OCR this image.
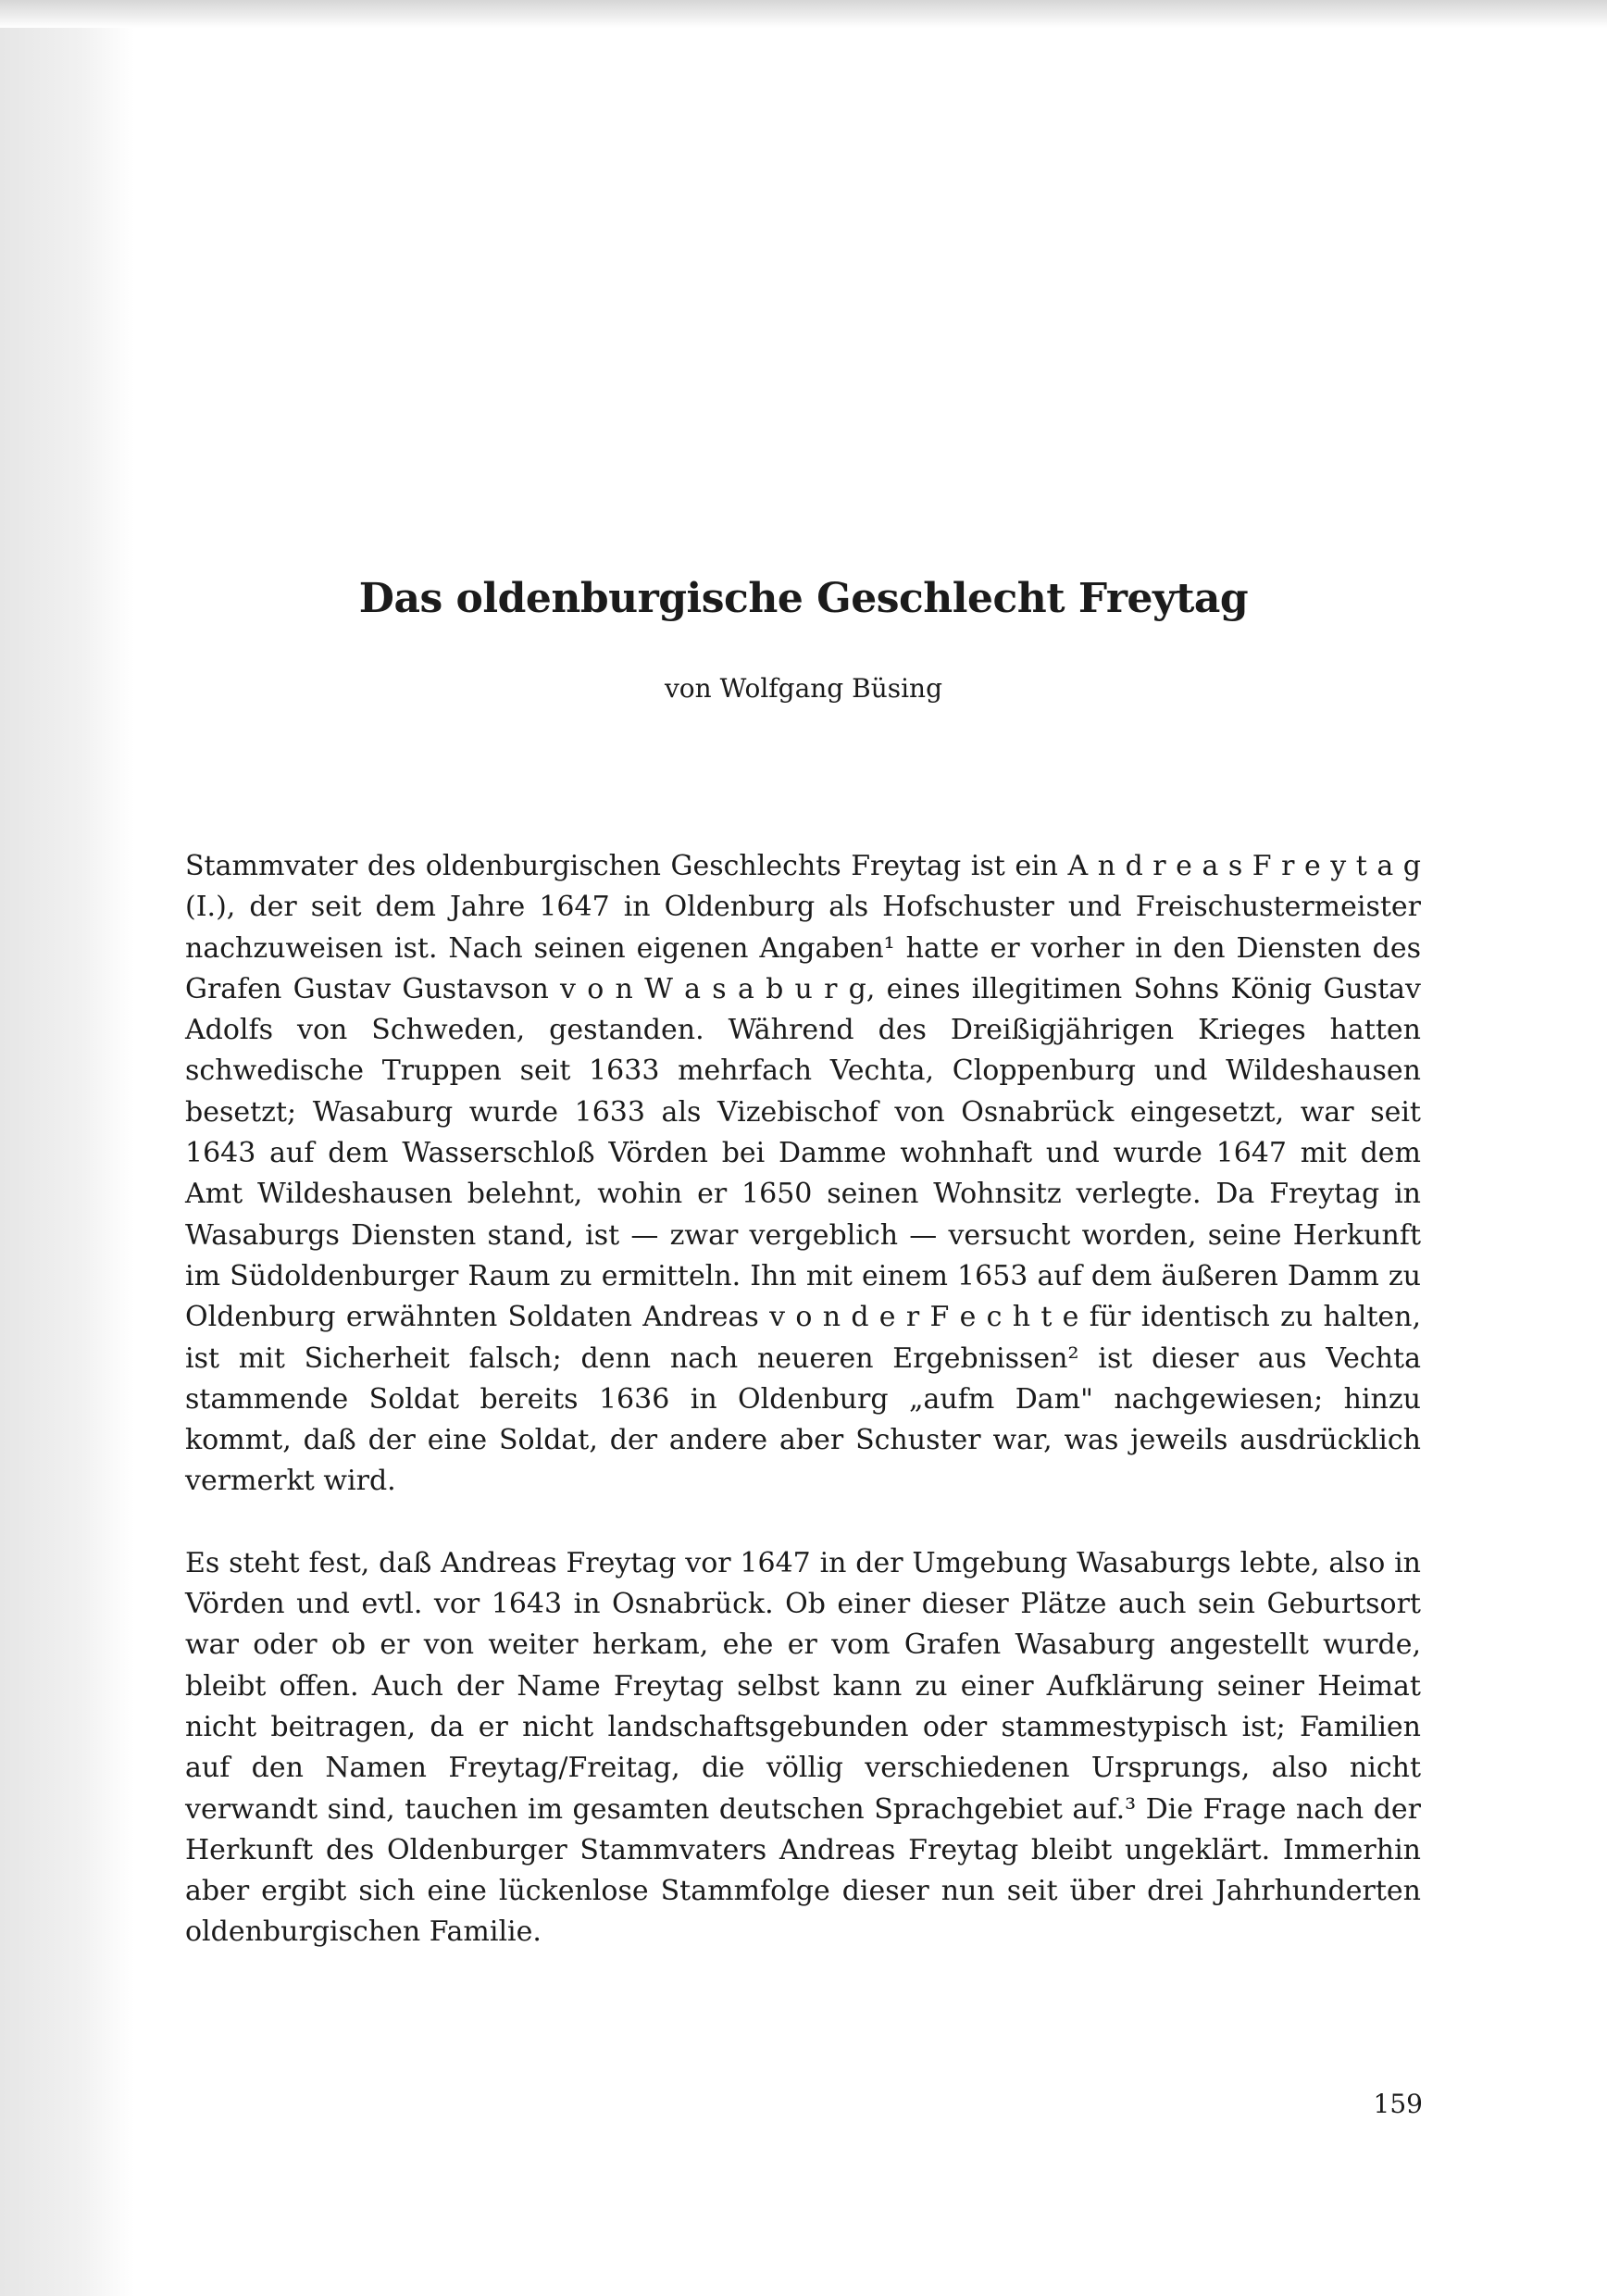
Das oldenburgische Geschlecht Freytag
von Wolfgang Büsing

Stammvater des oldenburgischen Geschlechts Freytag ist ein A n d r e a s F r e y t a g (I.), der seit dem Jahre 1647 in Oldenburg als Hofschuster und Freischustermeister nachzuweisen ist. Nach seinen eigenen Angaben¹ hatte er vorher in den Diensten des Grafen Gustav Gustavson v o n W a s a b u r g, eines illegitimen Sohns König Gustav Adolfs von Schweden, gestanden. Während des Dreißigjährigen Krieges hatten schwedische Truppen seit 1633 mehrfach Vechta, Cloppenburg und Wildeshausen besetzt; Wasaburg wurde 1633 als Vizebischof von Osnabrück eingesetzt, war seit 1643 auf dem Wasserschloß Vörden bei Damme wohnhaft und wurde 1647 mit dem Amt Wildeshausen belehnt, wohin er 1650 seinen Wohnsitz verlegte. Da Freytag in Wasaburgs Diensten stand, ist — zwar vergeblich — versucht worden, seine Herkunft im Südoldenburger Raum zu ermitteln. Ihn mit einem 1653 auf dem äußeren Damm zu Oldenburg erwähnten Soldaten Andreas v o n d e r F e c h t e für identisch zu halten, ist mit Sicherheit falsch; denn nach neueren Ergebnissen² ist dieser aus Vechta stammende Soldat bereits 1636 in Oldenburg „aufm Dam" nachgewiesen; hinzu kommt, daß der eine Soldat, der andere aber Schuster war, was jeweils ausdrücklich vermerkt wird.

Es steht fest, daß Andreas Freytag vor 1647 in der Umgebung Wasaburgs lebte, also in Vörden und evtl. vor 1643 in Osnabrück. Ob einer dieser Plätze auch sein Geburtsort war oder ob er von weiter herkam, ehe er vom Grafen Wasaburg angestellt wurde, bleibt offen. Auch der Name Freytag selbst kann zu einer Aufklärung seiner Heimat nicht beitragen, da er nicht landschaftsgebunden oder stammestypisch ist; Familien auf den Namen Freytag/Freitag, die völlig verschiedenen Ursprungs, also nicht verwandt sind, tauchen im gesamten deutschen Sprachgebiet auf.³ Die Frage nach der Herkunft des Oldenburger Stammvaters Andreas Freytag bleibt ungeklärt. Immerhin aber ergibt sich eine lückenlose Stammfolge dieser nun seit über drei Jahrhunderten oldenburgischen Familie.

159
